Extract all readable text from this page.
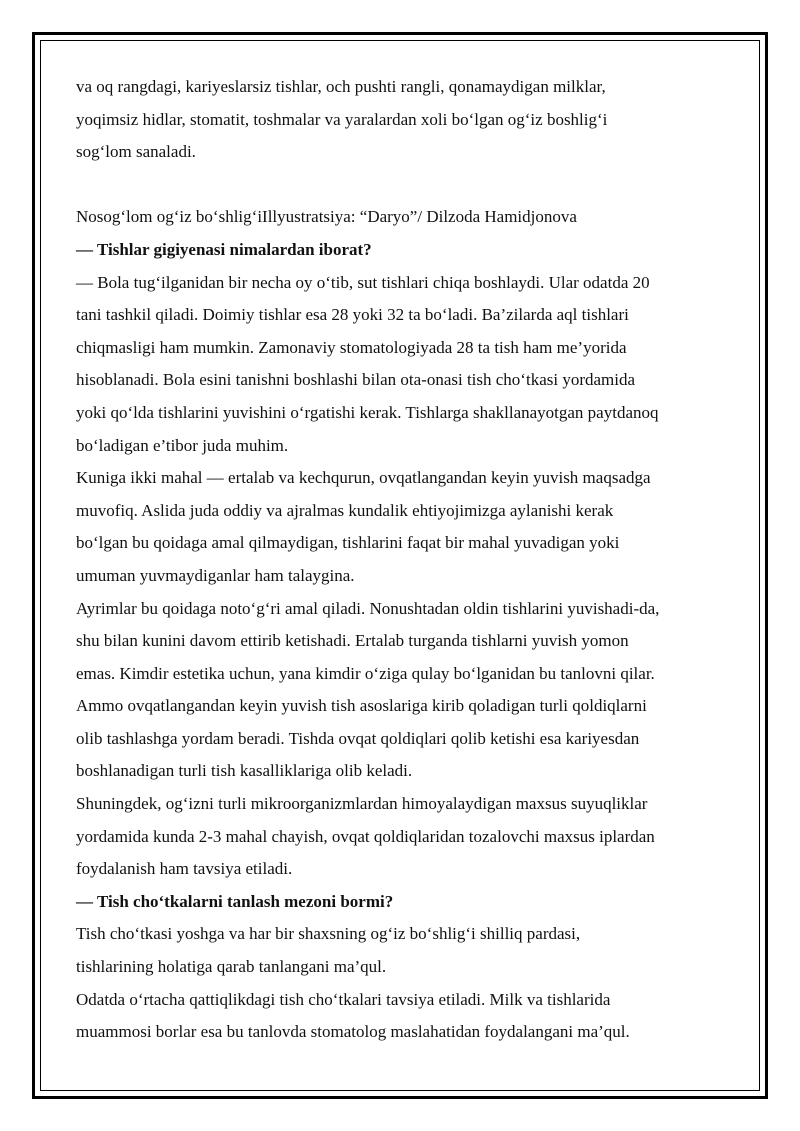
va oq rangdagi, kariyeslarsiz tishlar, och pushti rangli, qonamaydigan milklar,

yoqimsiz hidlar, stomatit, toshmalar va yaralardan xoli bo‘lgan og‘iz boshlig‘i

sog‘lom sanaladi.

Nosog‘lom og‘iz bo‘shlig‘iIllyustratsiya: “Daryo”/ Dilzoda Hamidjonova

— Tishlar gigiyenasi nimalardan iborat?

— Bola tug‘ilganidan bir necha oy o‘tib, sut tishlari chiqa boshlaydi. Ular odatda 20

tani tashkil qiladi. Doimiy tishlar esa 28 yoki 32 ta bo‘ladi. Ba’zilarda aql tishlari

chiqmasligi ham mumkin. Zamonaviy stomatologiyada 28 ta tish ham me’yorida

hisoblanadi. Bola esini tanishni boshlashi bilan ota-onasi tish cho‘tkasi yordamida

yoki qo‘lda tishlarini yuvishini o‘rgatishi kerak. Tishlarga shakllanayotgan paytdanoq

bo‘ladigan e’tibor juda muhim.

Kuniga ikki mahal — ertalab va kechqurun, ovqatlangandan keyin yuvish maqsadga

muvofiq. Aslida juda oddiy va ajralmas kundalik ehtiyojimizga aylanishi kerak

bo‘lgan bu qoidaga amal qilmaydigan, tishlarini faqat bir mahal yuvadigan yoki

umuman yuvmaydiganlar ham talaygina.

Ayrimlar bu qoidaga noto‘g‘ri amal qiladi. Nonushtadan oldin tishlarini yuvishadi-da,

shu bilan kunini davom ettirib ketishadi. Ertalab turganda tishlarni yuvish yomon

emas. Kimdir estetika uchun, yana kimdir o‘ziga qulay bo‘lganidan bu tanlovni qilar.

Ammo ovqatlangandan keyin yuvish tish asoslariga kirib qoladigan turli qoldiqlarni

olib tashlashga yordam beradi. Tishda ovqat qoldiqlari qolib ketishi esa kariyesdan

boshlanadigan turli tish kasalliklariga olib keladi.

Shuningdek, og‘izni turli mikroorganizmlardan himoyalaydigan maxsus suyuqliklar

yordamida kunda 2-3 mahal chayish, ovqat qoldiqlaridan tozalovchi maxsus iplardan

foydalanish ham tavsiya etiladi.

— Tish cho‘tkalarni tanlash mezoni bormi?

Tish cho‘tkasi yoshga va har bir shaxsning og‘iz bo‘shlig‘i shilliq pardasi,

tishlarining holatiga qarab tanlangani ma’qul.

Odatda o‘rtacha qattiqlikdagi tish cho‘tkalari tavsiya etiladi. Milk va tishlarida

muammosi borlar esa bu tanlovda stomatolog maslahatidan foydalangani ma’qul.
